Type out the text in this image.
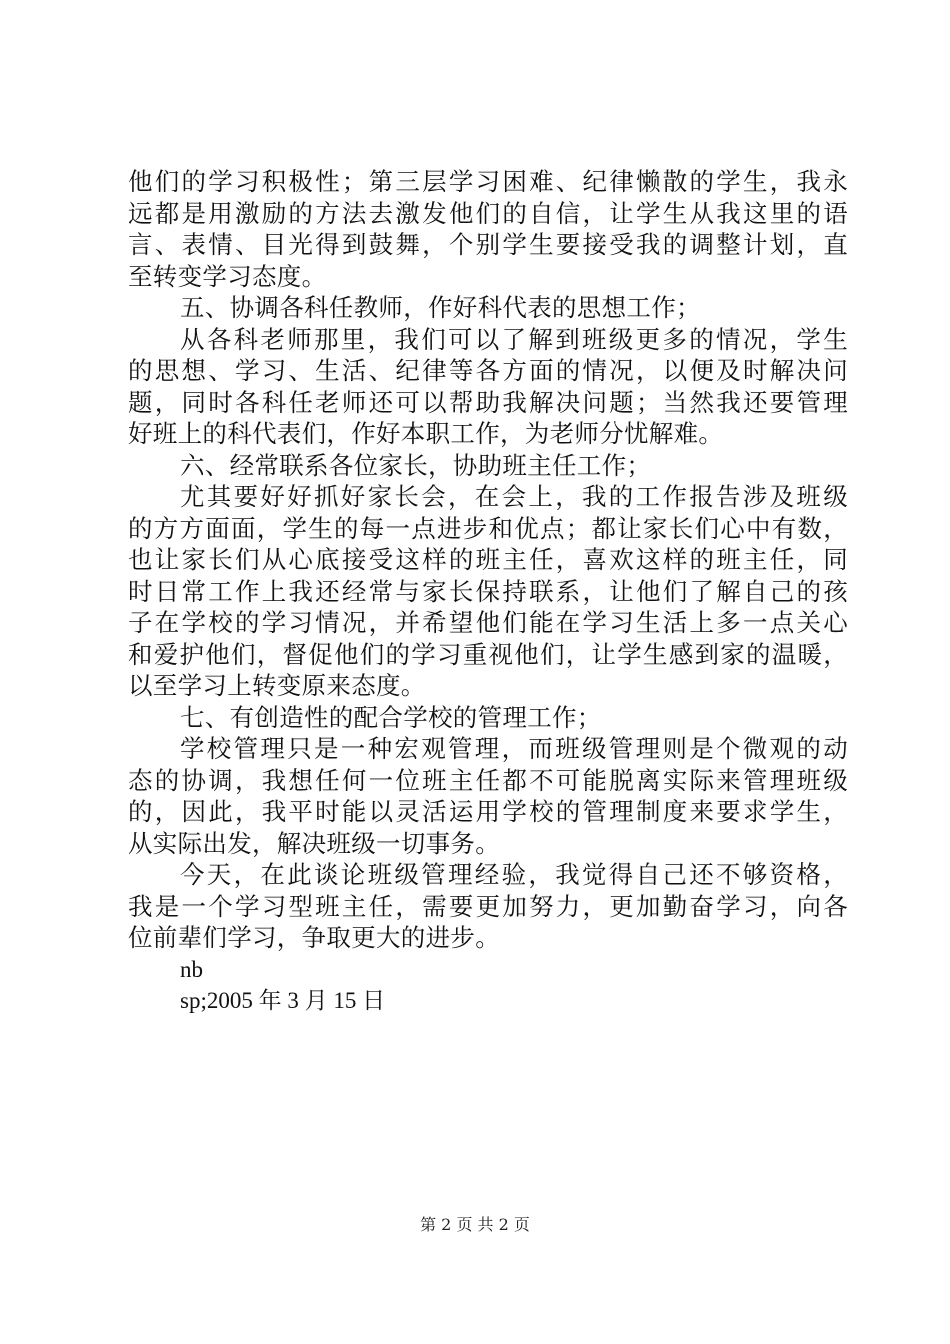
他们的学习积极性；第三层学习困难、纪律懒散的学生，我永
远都是用激励的方法去激发他们的自信，让学生从我这里的语
言、表情、目光得到鼓舞，个别学生要接受我的调整计划，直
至转变学习态度。
五、协调各科任教师，作好科代表的思想工作；
从各科老师那里，我们可以了解到班级更多的情况，学生
的思想、学习、生活、纪律等各方面的情况，以便及时解决问
题，同时各科任老师还可以帮助我解决问题；当然我还要管理
好班上的科代表们，作好本职工作，为老师分忧解难。
六、经常联系各位家长，协助班主任工作；
尤其要好好抓好家长会，在会上，我的工作报告涉及班级
的方方面面，学生的每一点进步和优点；都让家长们心中有数，
也让家长们从心底接受这样的班主任，喜欢这样的班主任，同
时日常工作上我还经常与家长保持联系，让他们了解自己的孩
子在学校的学习情况，并希望他们能在学习生活上多一点关心
和爱护他们，督促他们的学习重视他们，让学生感到家的温暖，
以至学习上转变原来态度。
七、有创造性的配合学校的管理工作；
学校管理只是一种宏观管理，而班级管理则是个微观的动
态的协调，我想任何一位班主任都不可能脱离实际来管理班级
的，因此，我平时能以灵活运用学校的管理制度来要求学生，
从实际出发，解决班级一切事务。
今天，在此谈论班级管理经验，我觉得自己还不够资格，
我是一个学习型班主任，需要更加努力，更加勤奋学习，向各
位前辈们学习，争取更大的进步。
nb
sp;2005 年 3 月 15 日
第 2 页 共 2 页
